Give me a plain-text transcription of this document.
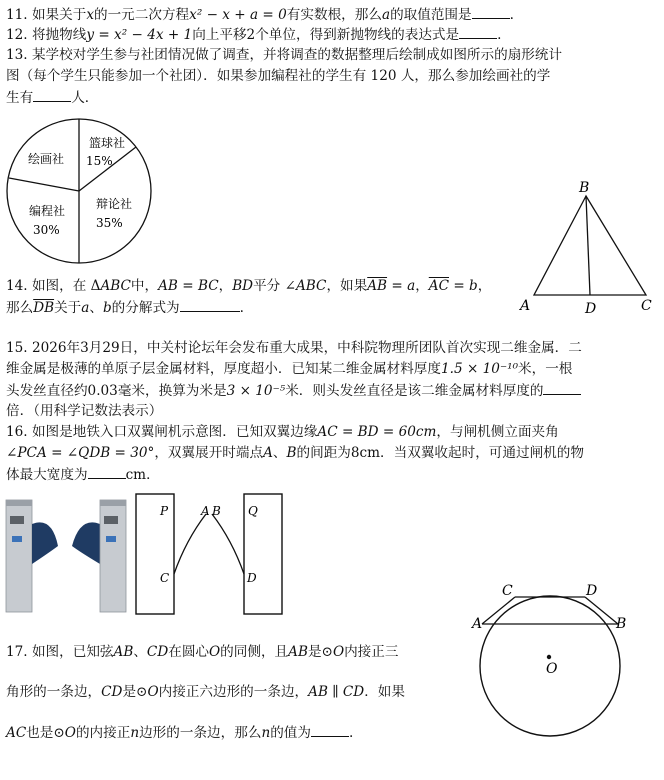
11. 如果关于x的一元二次方程x² − x + a = 0有实数根，那么a的取值范围是	.
12. 将抛物线y = x² − 4x + 1向上平移2个单位，得到新抛物线的表达式是	.
13. 某学校对学生参与社团情况做了调查，并将调查的数据整理后绘制成如图所示的扇形统计
图（每个学生只能参加一个社团）．如果参加编程社的学生有 120 人，那么参加绘画社的学
生有	人．
绘画社
篮球社
15%
辩论社
35%
编程社
30%
B
A	D	C
14. 如图，在 ΔABC中，AB = BC，BD平分 ∠ABC，如果$\overline{AB} = a$，$\overline{AC} = b$，
那么$\overline{DB}$关于a、b的分解式为	.
15. 2026年3月29日，中关村论坛年会发布重大成果，中科院物理所团队首次实现二维金属．二
维金属是极薄的单原子层金属材料，厚度超小．已知某二维金属材料厚度1.5 × 10⁻¹⁰米，一根
头发丝直径约0.03毫米，换算为米是3 × 10⁻⁵米．则头发丝直径是该二维金属材料厚度的
倍．（用科学记数法表示）
16. 如图是地铁入口双翼闸机示意图．已知双翼边缘AC = BD = 60cm，与闸机侧立面夹角
∠PCA = ∠QDB = 30°，双翼展开时端点A、B的间距为8cm．当双翼收起时，可通过闸机的物
体最大宽度为	cm．
P	A B Q
C	D
A	B
C	D
O
17. 如图，已知弦AB、CD在圆心O的同侧，且AB是⊙O内接正三
角形的一条边，CD是⊙O内接正六边形的一条边，AB ∥ CD．如果
AC也是⊙O的内接正n边形的一条边，那么n的值为	.
